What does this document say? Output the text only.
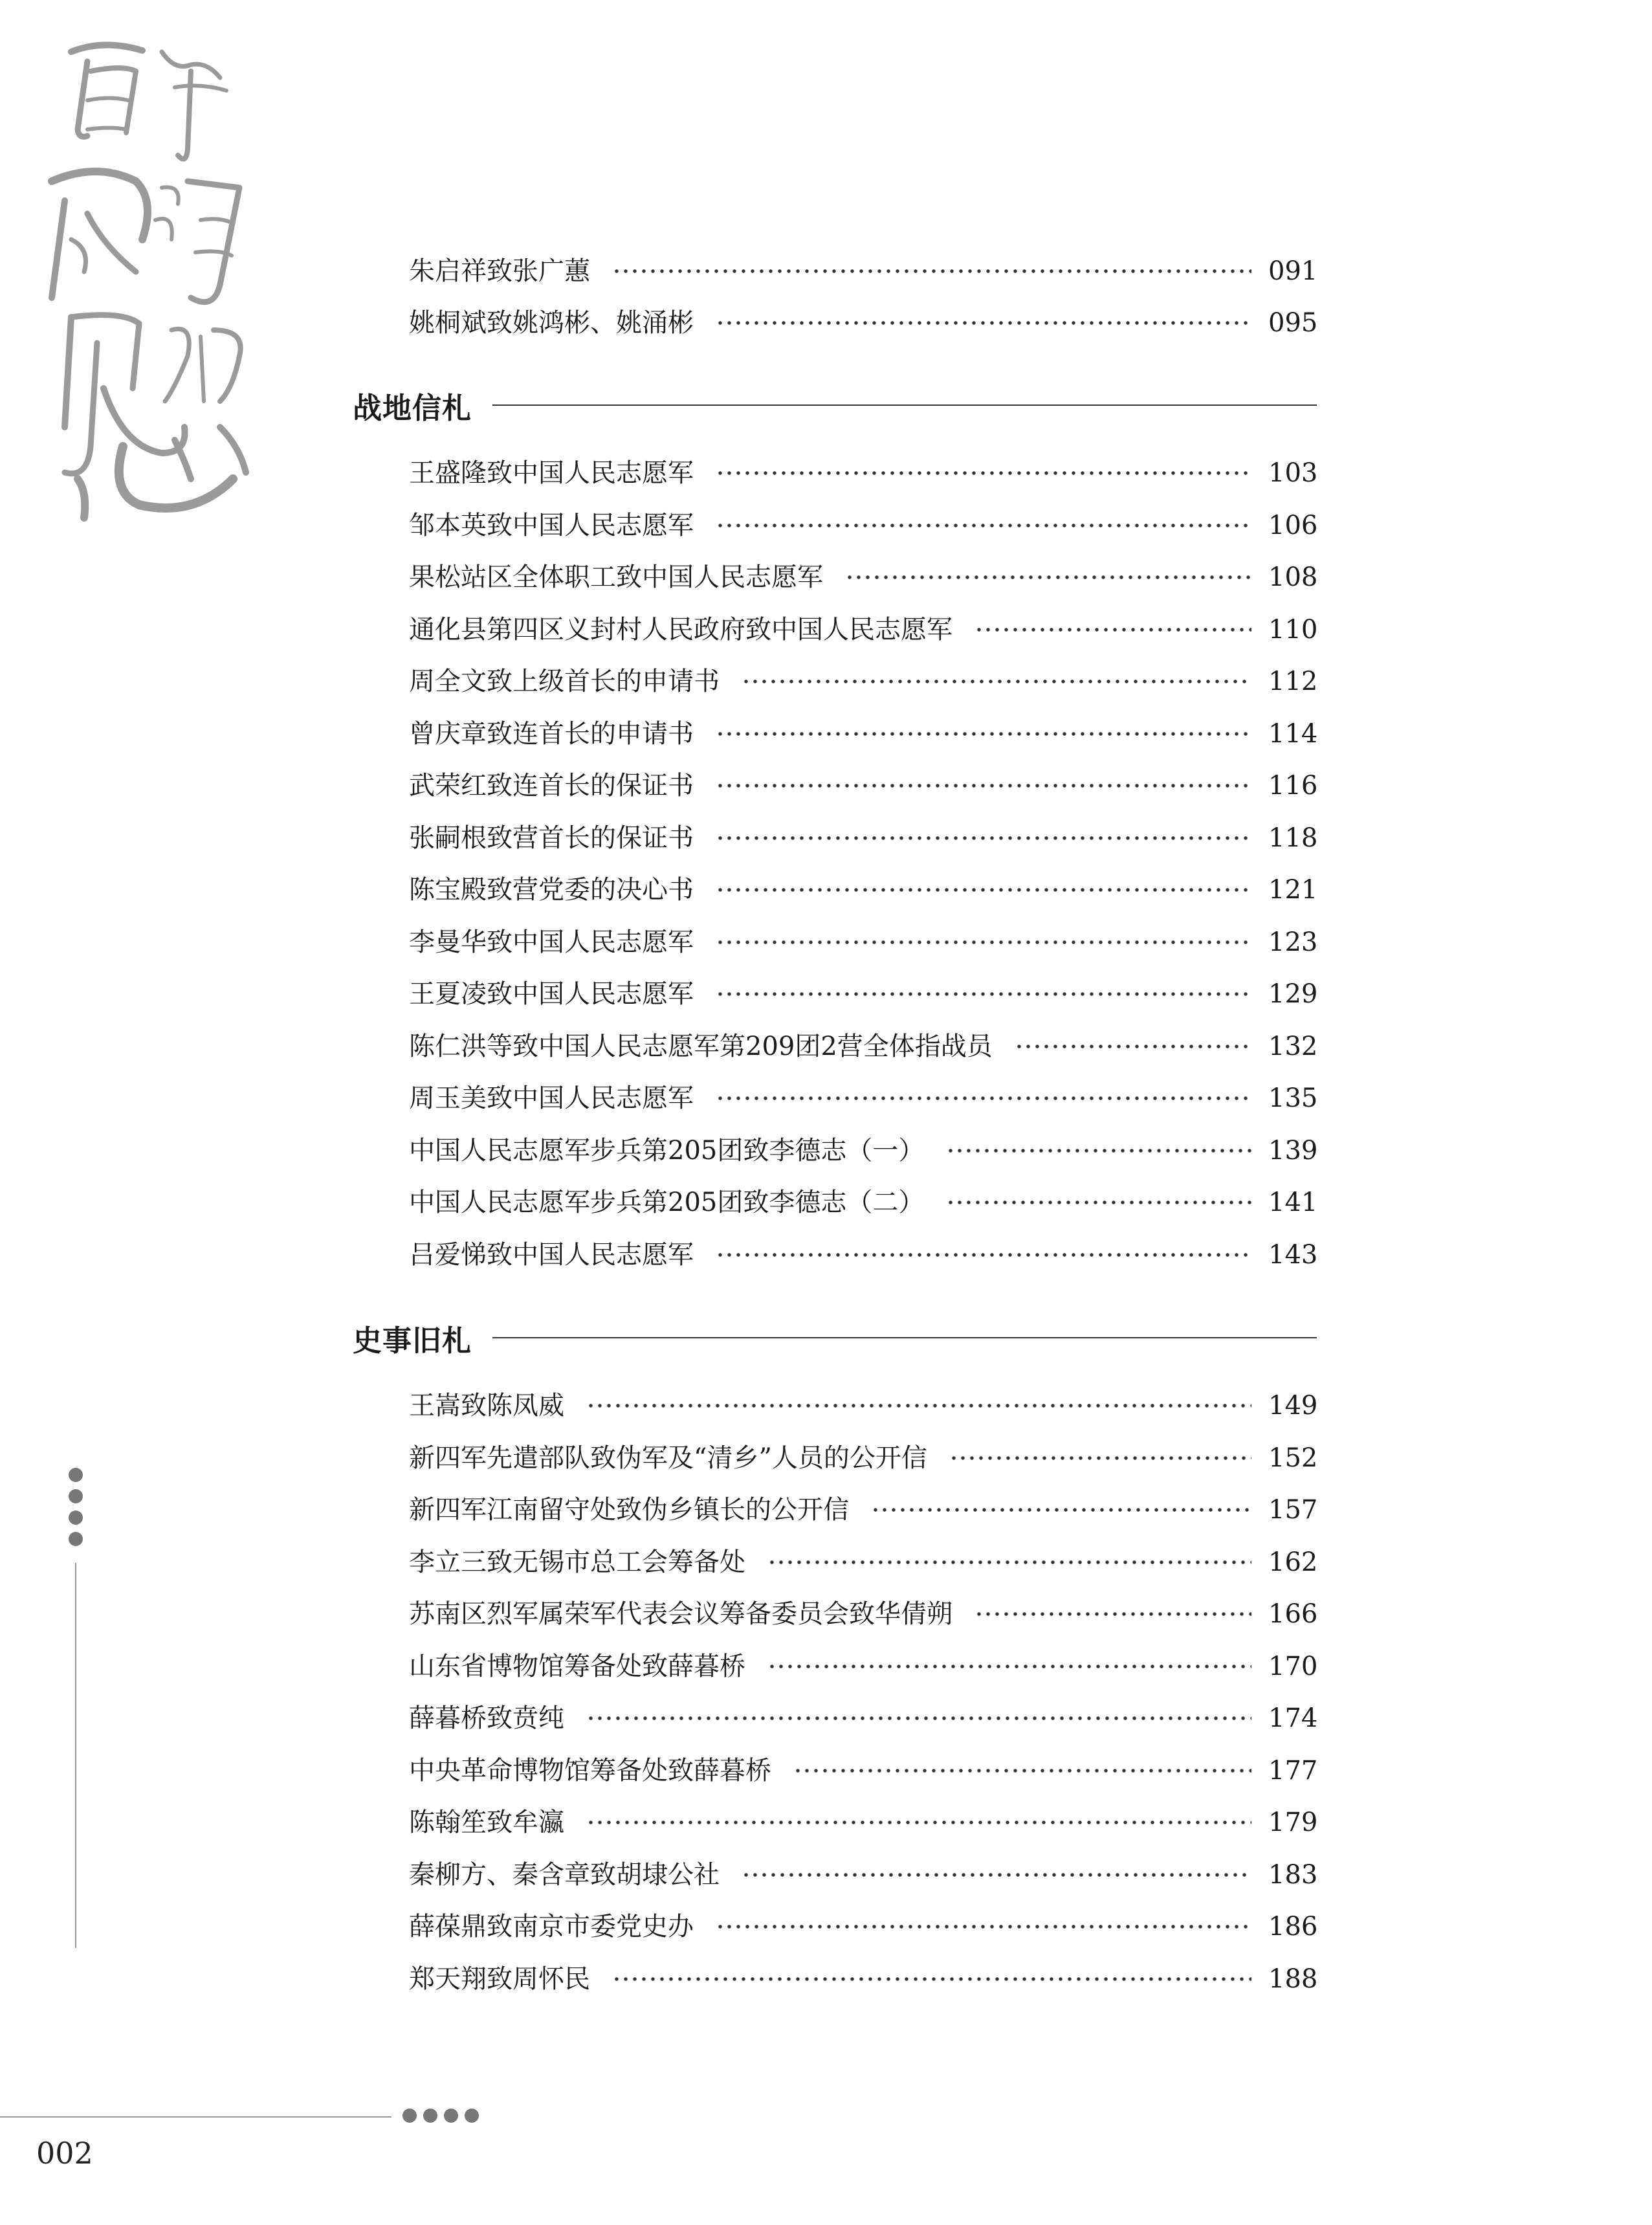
朱启祥致张广蕙	091
姚桐斌致姚鸿彬、姚涌彬	095
战地信札
王盛隆致中国人民志愿军	103
邹本英致中国人民志愿军	106
果松站区全体职工致中国人民志愿军	108
通化县第四区义封村人民政府致中国人民志愿军	110
周全文致上级首长的申请书	112
曾庆章致连首长的申请书	114
武荣红致连首长的保证书	116
张嗣根致营首长的保证书	118
陈宝殿致营党委的决心书	121
李曼华致中国人民志愿军	123
王夏凌致中国人民志愿军	129
陈仁洪等致中国人民志愿军第209团2营全体指战员	132
周玉美致中国人民志愿军	135
中国人民志愿军步兵第205团致李德志（一）	139
中国人民志愿军步兵第205团致李德志（二）	141
吕爱悌致中国人民志愿军	143
史事旧札
王嵩致陈凤威	149
新四军先遣部队致伪军及“清乡”人员的公开信	152
新四军江南留守处致伪乡镇长的公开信	157
李立三致无锡市总工会筹备处	162
苏南区烈军属荣军代表会议筹备委员会致华倩朔	166
山东省博物馆筹备处致薛暮桥	170
薛暮桥致贲纯	174
中央革命博物馆筹备处致薛暮桥	177
陈翰笙致牟瀛	179
秦柳方、秦含章致胡埭公社	183
薛葆鼎致南京市委党史办	186
郑天翔致周怀民	188
002
